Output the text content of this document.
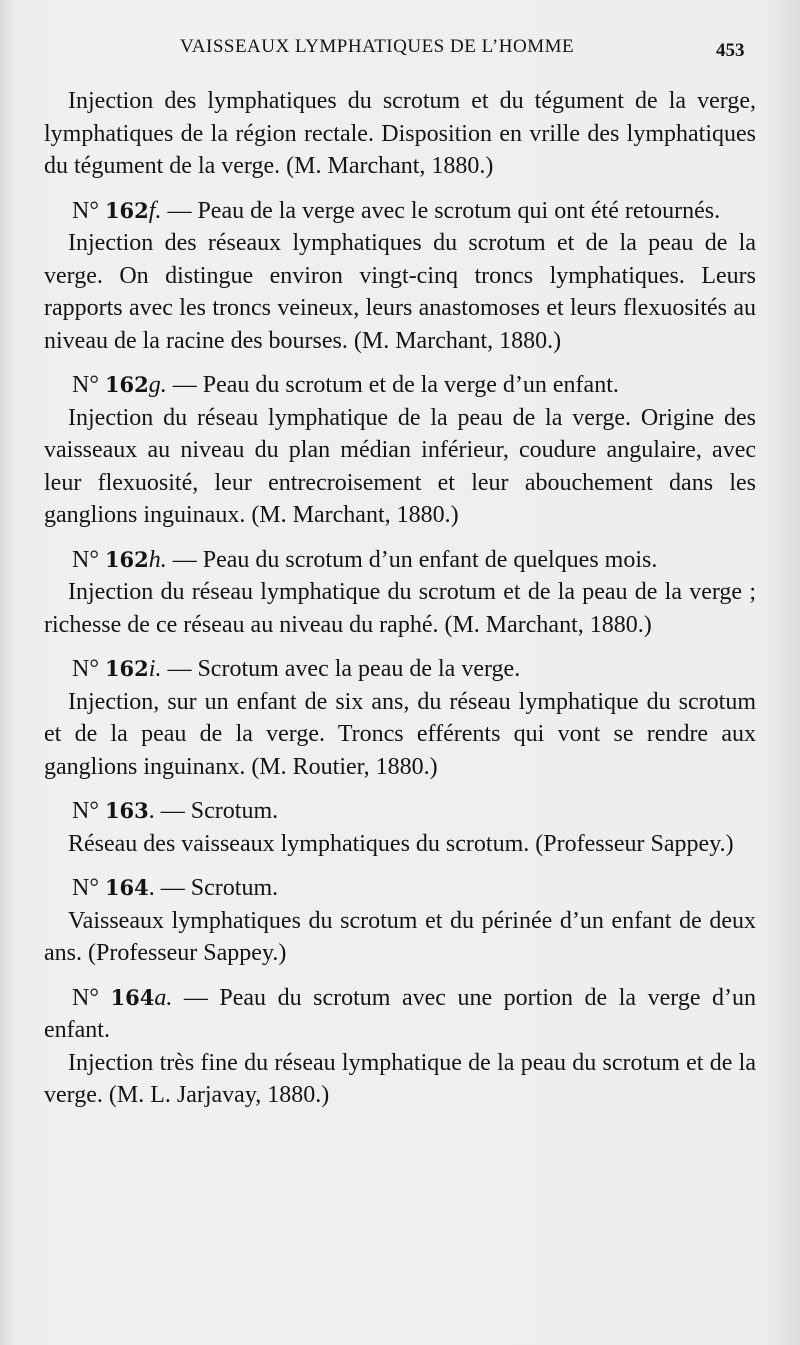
VAISSEAUX LYMPHATIQUES DE L’HOMME	453

Injection des lymphatiques du scrotum et du tégument de la verge, lymphatiques de la région rectale. Disposition en vrille des lymphatiques du tégument de la verge. (M. Marchant, 1880.)

N° 162f. — Peau de la verge avec le scrotum qui ont été retournés.

Injection des réseaux lymphatiques du scrotum et de la peau de la verge. On distingue environ vingt-cinq troncs lymphatiques. Leurs rapports avec les troncs veineux, leurs anastomoses et leurs flexuosités au niveau de la racine des bourses. (M. Marchant, 1880.)

N° 162g. — Peau du scrotum et de la verge d’un enfant.

Injection du réseau lymphatique de la peau de la verge. Origine des vaisseaux au niveau du plan médian inférieur, coudure angulaire, avec leur flexuosité, leur entrecroisement et leur abouchement dans les ganglions inguinaux. (M. Marchant, 1880.)

N° 162h. — Peau du scrotum d’un enfant de quelques mois.

Injection du réseau lymphatique du scrotum et de la peau de la verge ; richesse de ce réseau au niveau du raphé. (M. Marchant, 1880.)

N° 162i. — Scrotum avec la peau de la verge.

Injection, sur un enfant de six ans, du réseau lymphatique du scrotum et de la peau de la verge. Troncs efférents qui vont se rendre aux ganglions inguinanx. (M. Routier, 1880.)

N° 163. — Scrotum.

Réseau des vaisseaux lymphatiques du scrotum. (Professeur Sappey.)

N° 164. — Scrotum.

Vaisseaux lymphatiques du scrotum et du périnée d’un enfant de deux ans. (Professeur Sappey.)

N° 164a. — Peau du scrotum avec une portion de la verge d’un enfant.

Injection très fine du réseau lymphatique de la peau du scrotum et de la verge. (M. L. Jarjavay, 1880.)
